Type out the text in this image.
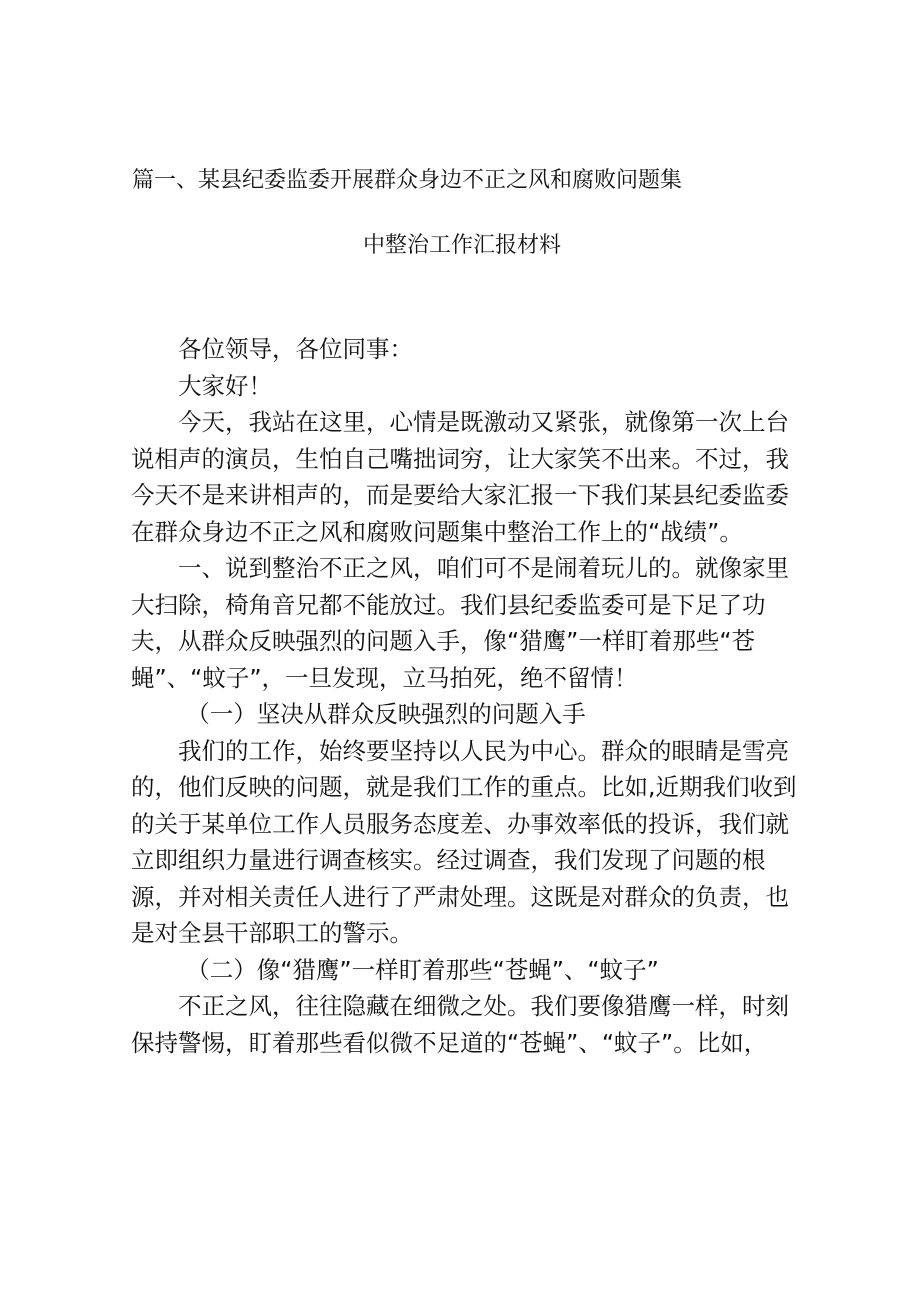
篇一、某县纪委监委开展群众身边不正之风和腐败问题集
中整治工作汇报材料

各位领导，各位同事：

大家好！

今天，我站在这里，心情是既激动又紧张，就像第一次上台说相声的演员，生怕自己嘴拙词穷，让大家笑不出来。不过，我今天不是来讲相声的，而是要给大家汇报一下我们某县纪委监委在群众身边不正之风和腐败问题集中整治工作上的“战绩”。

一、说到整治不正之风，咱们可不是闹着玩儿的。就像家里大扫除，椅角音兄都不能放过。我们县纪委监委可是下足了功夫，从群众反映强烈的问题入手，像“猎鹰”一样盯着那些“苍蝇”、“蚊子”，一旦发现，立马拍死，绝不留情！

（一）坚决从群众反映强烈的问题入手

我们的工作，始终要坚持以人民为中心。群众的眼睛是雪亮的，他们反映的问题，就是我们工作的重点。比如,近期我们收到的关于某单位工作人员服务态度差、办事效率低的投诉，我们就立即组织力量进行调查核实。经过调查，我们发现了问题的根源，并对相关责任人进行了严肃处理。这既是对群众的负责，也是对全县干部职工的警示。

（二）像“猎鹰”一样盯着那些“苍蝇”、“蚊子”

不正之风，往往隐藏在细微之处。我们要像猎鹰一样，时刻保持警惕，盯着那些看似微不足道的“苍蝇”、“蚊子”。比如，
